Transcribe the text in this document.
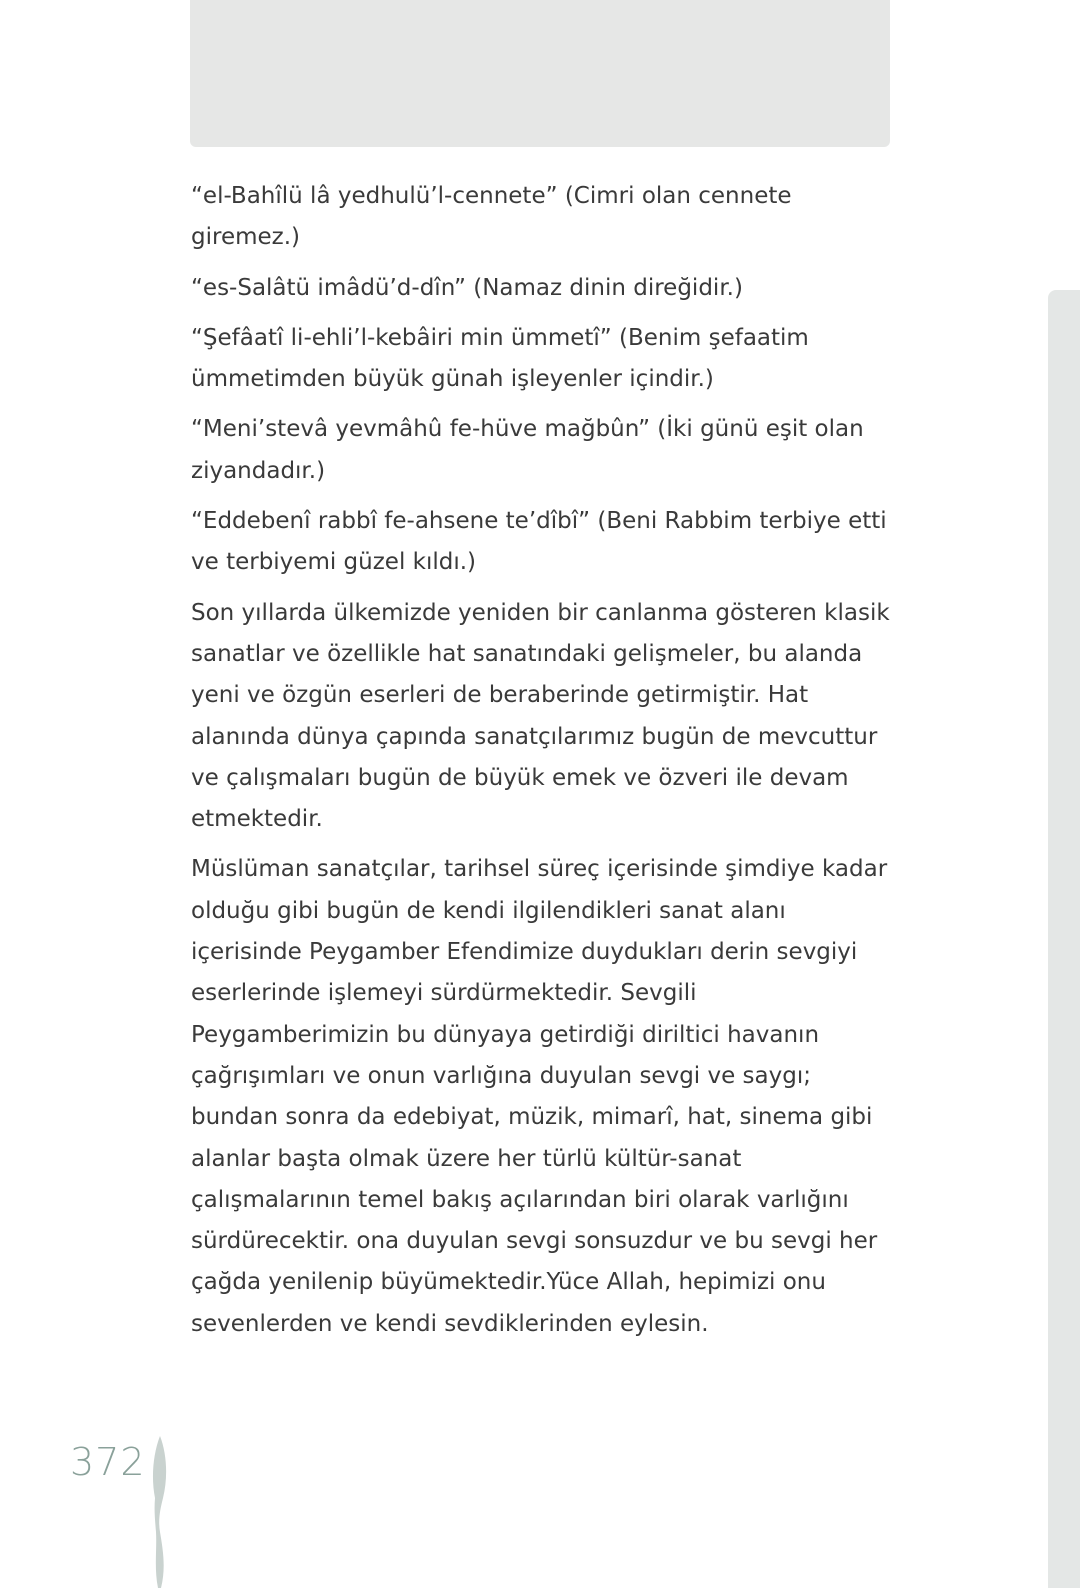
“el-Bahîlü lâ yedhulü’l-cennete” (Cimri olan cennete giremez.)

“es-Salâtü imâdü’d-dîn” (Namaz dinin direğidir.)

“Şefâatî li-ehli’l-kebâiri min ümmetî” (Benim şefaatim ümmetimden büyük günah işleyenler içindir.)

“Meni’stevâ yevmâhû fe-hüve mağbûn” (İki günü eşit olan ziyandadır.)

“Eddebenî rabbî fe-ahsene te’dîbî” (Beni Rabbim terbiye etti ve terbiyemi güzel kıldı.)

Son yıllarda ülkemizde yeniden bir canlanma gösteren klasik sanatlar ve özellikle hat sanatındaki gelişmeler, bu alanda yeni ve özgün eserleri de beraberinde getirmiştir. Hat alanında dünya çapında sanatçılarımız bugün de mevcuttur ve çalışmaları bugün de büyük emek ve özveri ile devam etmektedir.

Müslüman sanatçılar, tarihsel süreç içerisinde şimdiye kadar olduğu gibi bugün de kendi ilgilendikleri sanat alanı içerisinde Peygamber Efendimize duydukları derin sevgiyi eserlerinde işlemeyi sürdürmektedir. Sevgili Peygamberimizin bu dünyaya getirdiği diriltici havanın çağrışımları ve onun varlığına duyulan sevgi ve saygı; bundan sonra da edebiyat, müzik, mimarî, hat, sinema gibi alanlar başta olmak üzere her türlü kültür-sanat çalışmalarının temel bakış açılarından biri olarak varlığını sürdürecektir. ona duyulan sevgi sonsuzdur ve bu sevgi her çağda yenilenip büyümektedir.Yüce Allah, hepimizi onu sevenlerden ve kendi sevdiklerinden eylesin.

372
